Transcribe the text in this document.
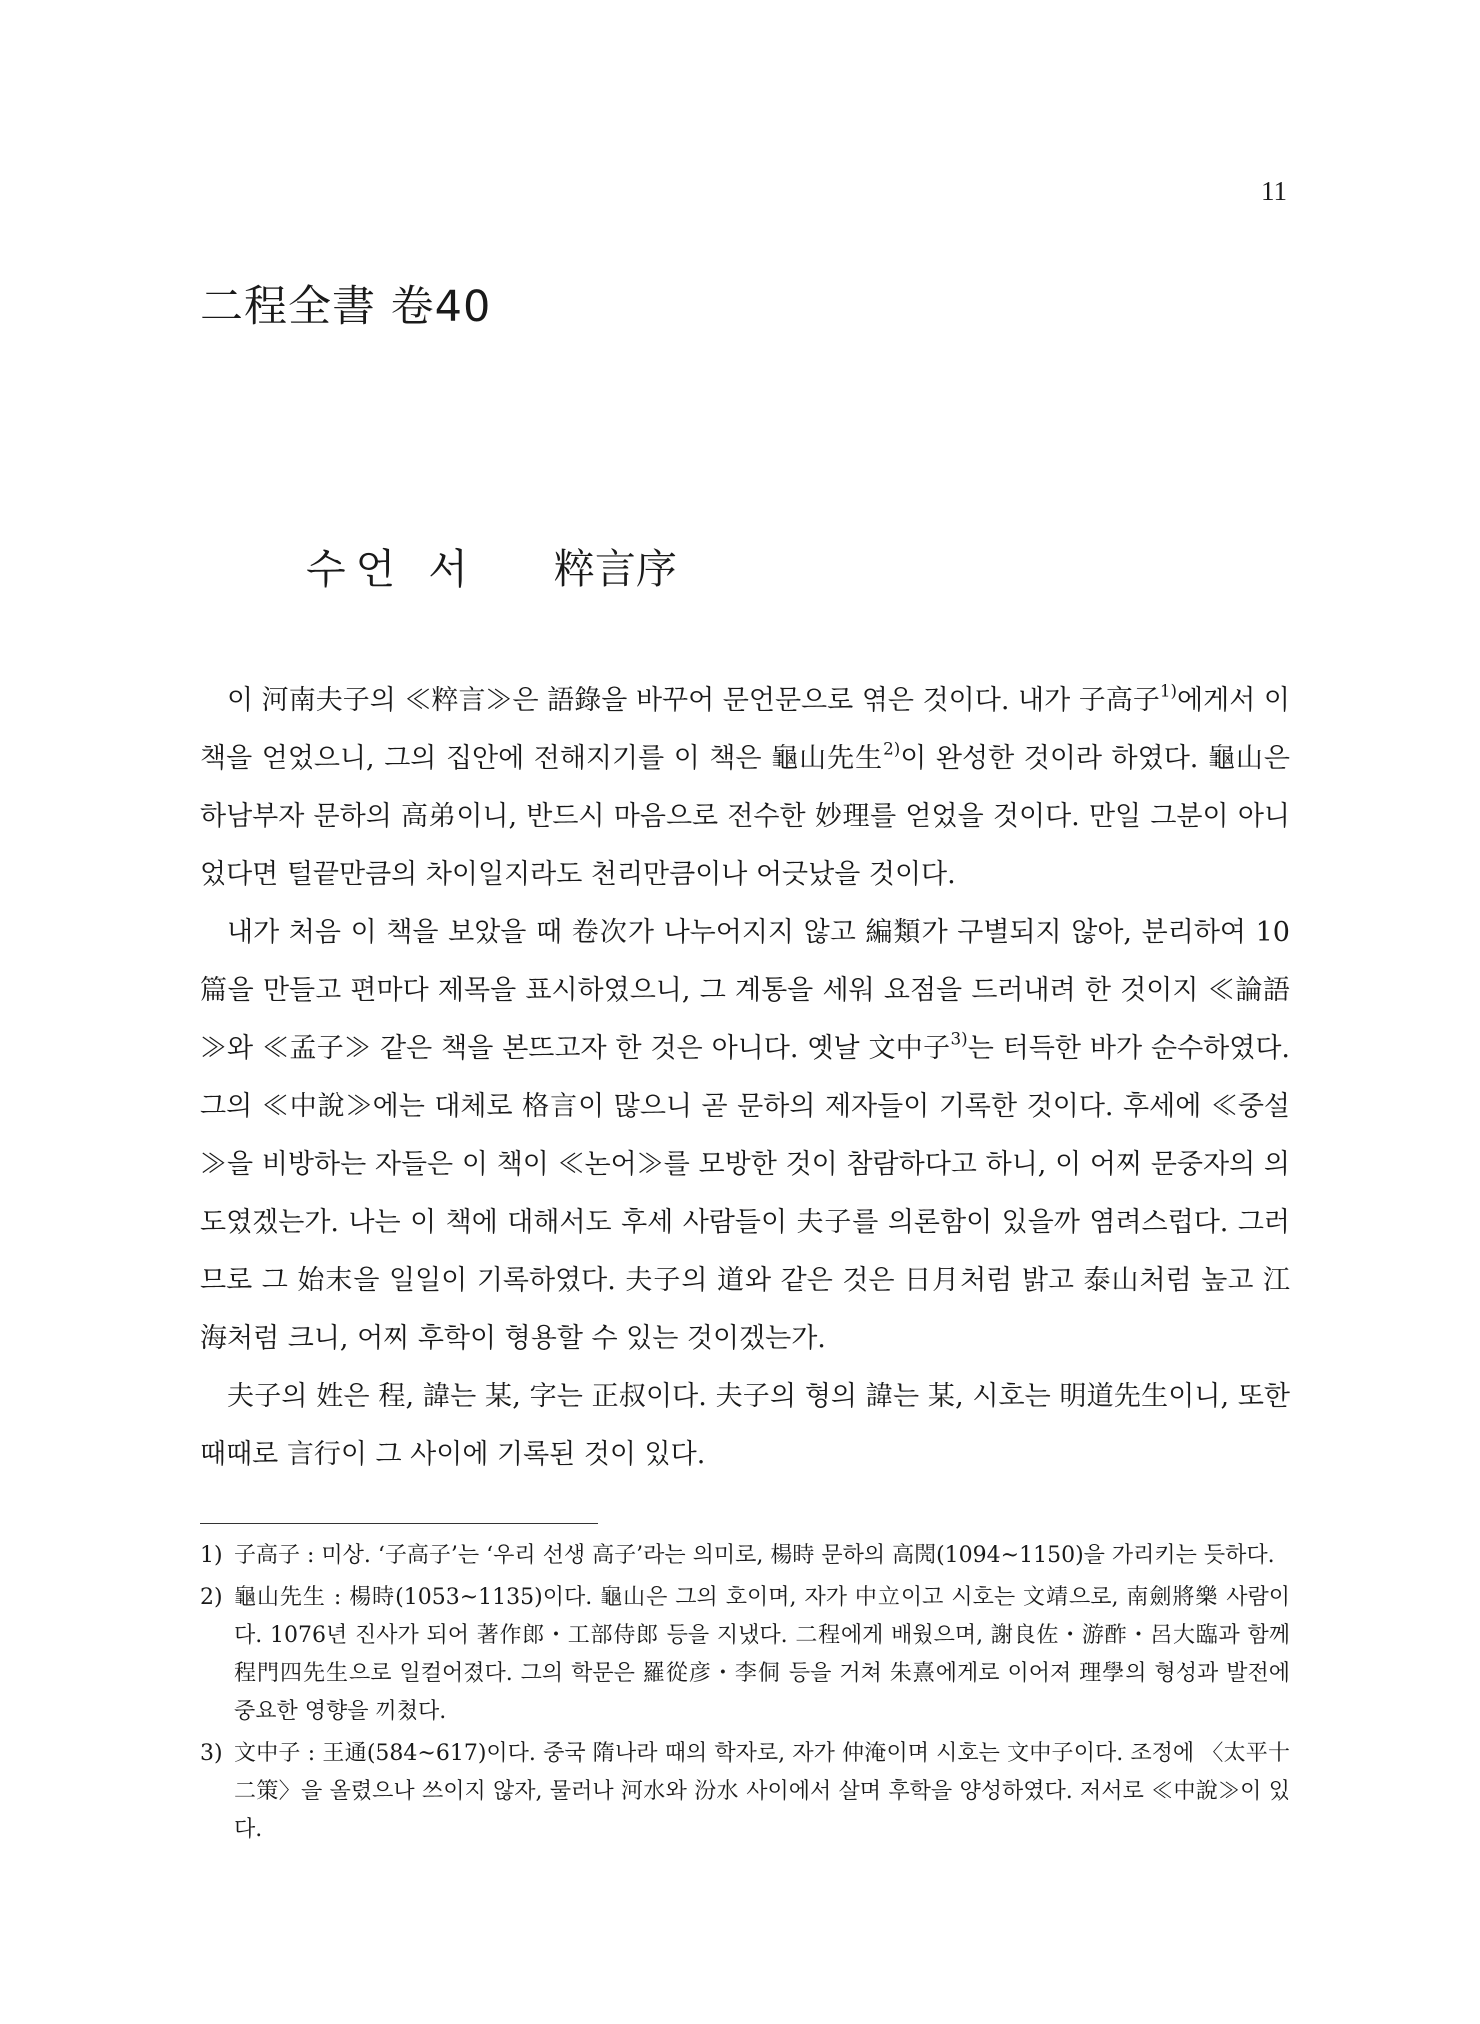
11
二程全書 卷40
수언 서 粹言序

이 河南夫子의 ≪粹言≫은 語錄을 바꾸어 문언문으로 엮은 것이다. 내가 子高子$^{1)}$에게서 이 책을 얻었으니, 그의 집안에 전해지기를 이 책은 龜山先生$^{2)}$이 완성한 것이라 하였다. 龜山은 하남부자 문하의 高弟이니, 반드시 마음으로 전수한 妙理를 얻었을 것이다. 만일 그분이 아니었다면 털끝만큼의 차이일지라도 천리만큼이나 어긋났을 것이다.

내가 처음 이 책을 보았을 때 卷次가 나누어지지 않고 編類가 구별되지 않아, 분리하여 10篇을 만들고 편마다 제목을 표시하였으니, 그 계통을 세워 요점을 드러내려 한 것이지 ≪論語≫와 ≪孟子≫ 같은 책을 본뜨고자 한 것은 아니다. 옛날 文中子$^{3)}$는 터득한 바가 순수하였다. 그의 ≪中說≫에는 대체로 格言이 많으니 곧 문하의 제자들이 기록한 것이다. 후세에 ≪중설≫을 비방하는 자들은 이 책이 ≪논어≫를 모방한 것이 참람하다고 하니, 이 어찌 문중자의 의도였겠는가. 나는 이 책에 대해서도 후세 사람들이 夫子를 의론함이 있을까 염려스럽다. 그러므로 그 始末을 일일이 기록하였다. 夫子의 道와 같은 것은 日月처럼 밝고 泰山처럼 높고 江海처럼 크니, 어찌 후학이 형용할 수 있는 것이겠는가.

夫子의 姓은 程, 諱는 某, 字는 正叔이다. 夫子의 형의 諱는 某, 시호는 明道先生이니, 또한 때때로 言行이 그 사이에 기록된 것이 있다.

1) 子高子 : 미상. ‘子高子’는 ‘우리 선생 高子’라는 의미로, 楊時 문하의 高閌(1094~1150)을 가리키는 듯하다.
2) 龜山先生 : 楊時(1053~1135)이다. 龜山은 그의 호이며, 자가 中立이고 시호는 文靖으로, 南劍將樂 사람이다. 1076년 진사가 되어 著作郎・工部侍郎 등을 지냈다. 二程에게 배웠으며, 謝良佐・游酢・呂大臨과 함께 程門四先生으로 일컬어졌다. 그의 학문은 羅從彦・李侗 등을 거쳐 朱熹에게로 이어져 理學의 형성과 발전에 중요한 영향을 끼쳤다.
3) 文中子 : 王通(584~617)이다. 중국 隋나라 때의 학자로, 자가 仲淹이며 시호는 文中子이다. 조정에 〈太平十二策〉을 올렸으나 쓰이지 않자, 물러나 河水와 汾水 사이에서 살며 후학을 양성하였다. 저서로 ≪中說≫이 있다.
